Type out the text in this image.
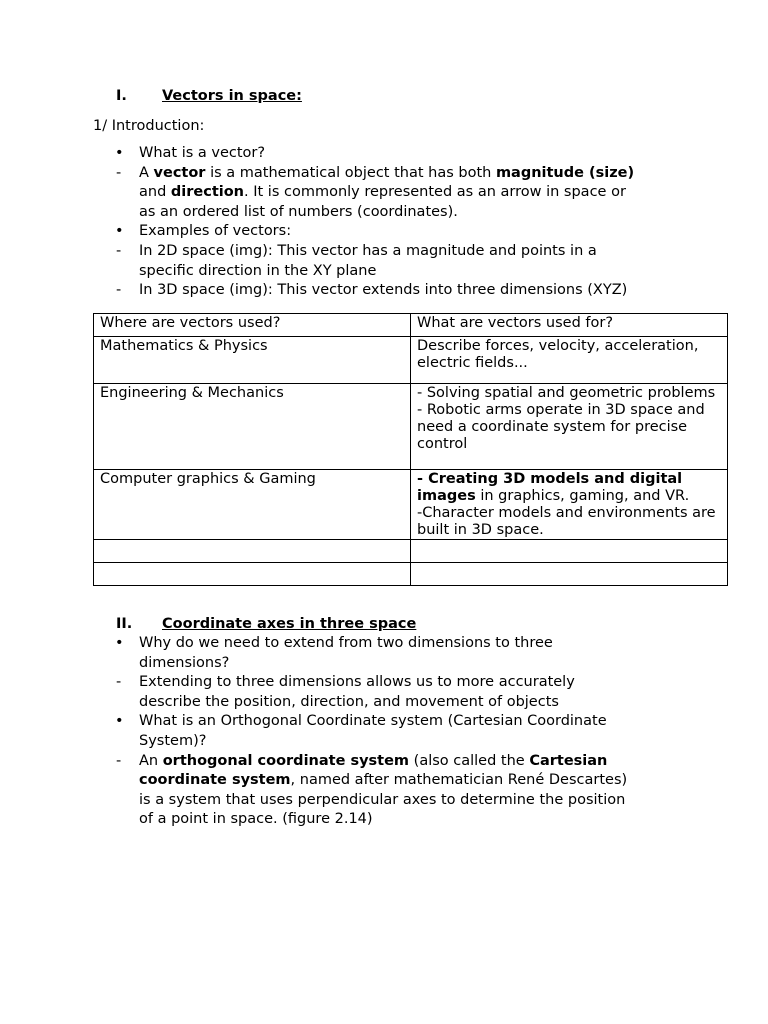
I. Vectors in space:
1/ Introduction:
•	What is a vector?
- A vector is a mathematical object that has both magnitude (size)
and direction. It is commonly represented as an arrow in space or
as an ordered list of numbers (coordinates).
•	Examples of vectors:
- In 2D space (img): This vector has a magnitude and points in a
specific direction in the XY plane
- In 3D space (img): This vector extends into three dimensions (XYZ)
Where are vectors used?	What are vectors used for?
Mathematics & Physics	Describe forces, velocity, acceleration, electric fields...
Engineering & Mechanics	- Solving spatial and geometric problems
- Robotic arms operate in 3D space and need a coordinate system for precise control
Computer graphics & Gaming	- Creating 3D models and digital images in graphics, gaming, and VR.
-Character models and environments are built in 3D space.

II. Coordinate axes in three space
•	Why do we need to extend from two dimensions to three
dimensions?
- Extending to three dimensions allows us to more accurately
describe the position, direction, and movement of objects
•	What is an Orthogonal Coordinate system (Cartesian Coordinate
System)?
- An orthogonal coordinate system (also called the Cartesian
coordinate system, named after mathematician René Descartes)
is a system that uses perpendicular axes to determine the position
of a point in space. (figure 2.14)
